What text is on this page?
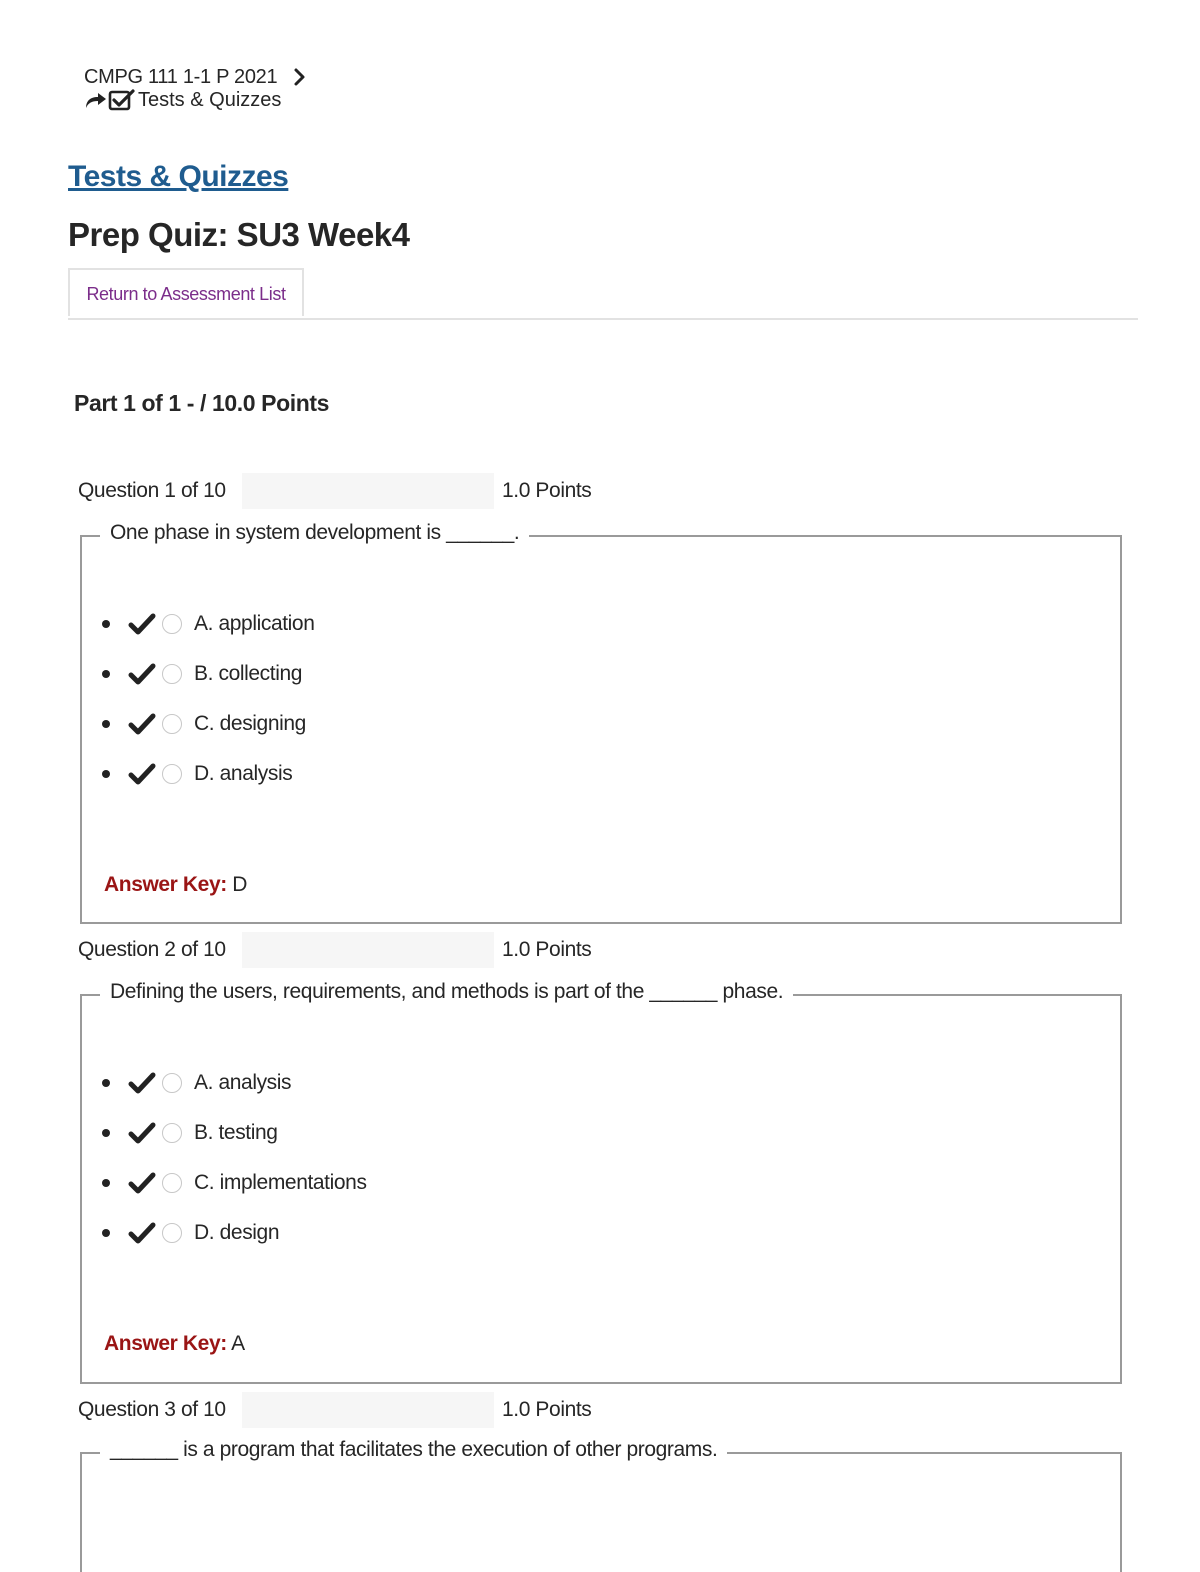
CMPG 111 1-1 P 2021
Tests & Quizzes
Tests & Quizzes
Prep Quiz: SU3 Week4
Return to Assessment List
Part 1 of 1 - / 10.0 Points
Question 1 of 10	1.0 Points
One phase in system development is ______.
A. application
B. collecting
C. designing
D. analysis
Answer Key: D
Question 2 of 10	1.0 Points
Defining the users, requirements, and methods is part of the ______ phase.
A. analysis
B. testing
C. implementations
D. design
Answer Key: A
Question 3 of 10	1.0 Points
______ is a program that facilitates the execution of other programs.
